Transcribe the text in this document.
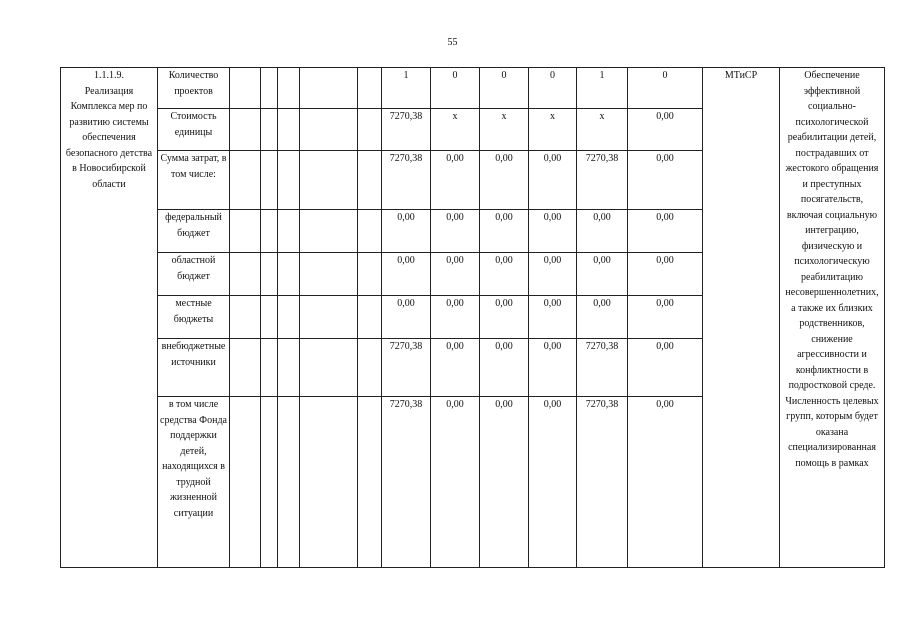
55
1.1.1.9.
Реализация Комплекса мер по развитию системы обеспечения безопасного детства в Новосибирской области	Количество проектов						1	0	0	0	1	0	МТиСР	Обеспечение эффективной социально-психологической реабилитации детей, пострадавших от жестокого обращения и преступных посягательств, включая социальную интеграцию, физическую и психологическую реабилитацию несовершеннолетних, а также их близких родственников, снижение агрессивности и конфликтности в подростковой среде. Численность целевых групп, которым будет оказана специализированная помощь в рамках
	Стоимость единицы						7270,38	x	x	x	x	0,00		
	Сумма затрат, в том числе:						7270,38	0,00	0,00	0,00	7270,38	0,00		
	федеральный бюджет						0,00	0,00	0,00	0,00	0,00	0,00		
	областной бюджет						0,00	0,00	0,00	0,00	0,00	0,00		
	местные бюджеты						0,00	0,00	0,00	0,00	0,00	0,00		
	внебюджетные источники						7270,38	0,00	0,00	0,00	7270,38	0,00		
	в том числе средства Фонда поддержки детей, находящихся в трудной жизненной ситуации						7270,38	0,00	0,00	0,00	7270,38	0,00		
